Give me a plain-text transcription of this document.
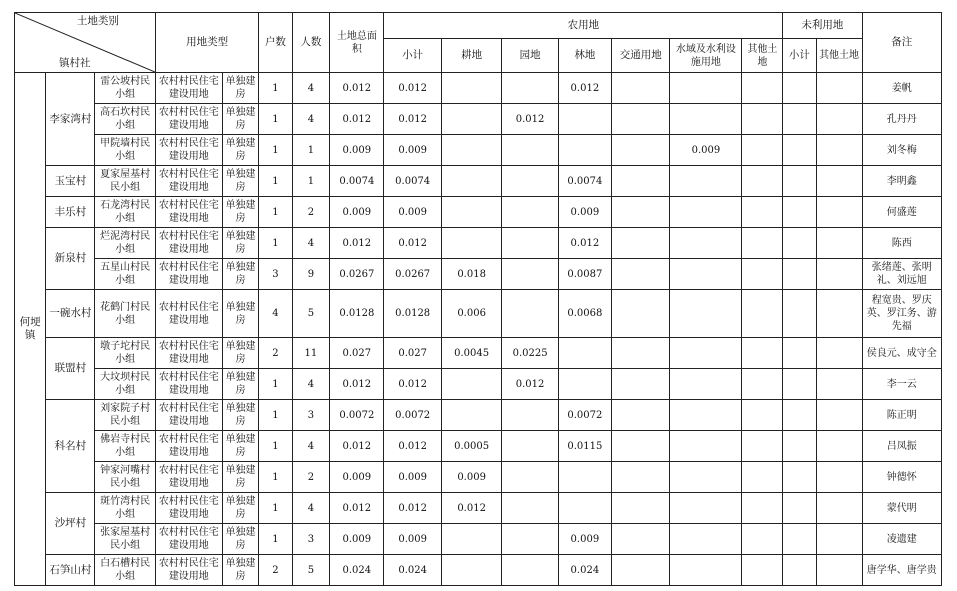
土地类别
镇村社			用地类型		户数	人数	土地总面积	农用地							未利用地		备注
								小计	耕地	园地	林地	交通用地	水域及水利设施用地	其他土地	小计	其他土地	
何埂镇	李家湾村	雷公坡村民小组	农村村民住宅建设用地	单独建房	1	4	0.012	0.012			0.012						姜帆
		高石坎村民小组	农村村民住宅建设用地	单独建房	1	4	0.012	0.012		0.012							孔丹丹
		甲院墙村民小组	农村村民住宅建设用地	单独建房	1	1	0.009	0.009					0.009				刘冬梅
	玉宝村	夏家屋基村民小组	农村村民住宅建设用地	单独建房	1	1	0.0074	0.0074			0.0074						李明鑫
	丰乐村	石龙湾村民小组	农村村民住宅建设用地	单独建房	1	2	0.009	0.009			0.009						何盛莲
	新泉村	烂泥湾村民小组	农村村民住宅建设用地	单独建房	1	4	0.012	0.012			0.012						陈西
		五星山村民小组	农村村民住宅建设用地	单独建房	3	9	0.0267	0.0267	0.018		0.0087						张绪莲、张明礼、刘远旭
	一碗水村	花鹤门村民小组	农村村民住宅建设用地	单独建房	4	5	0.0128	0.0128	0.006		0.0068						程宽贵、罗庆英、罗江务、游先福
	联盟村	墩子坨村民小组	农村村民住宅建设用地	单独建房	2	11	0.027	0.027	0.0045	0.0225							侯良元、成守全
		大坟坝村民小组	农村村民住宅建设用地	单独建房	1	4	0.012	0.012		0.012							李一云
	科名村	刘家院子村民小组	农村村民住宅建设用地	单独建房	1	3	0.0072	0.0072			0.0072						陈正明
		佛岩寺村民小组	农村村民住宅建设用地	单独建房	1	4	0.012	0.012	0.0005		0.0115						吕凤振
		钟家河嘴村民小组	农村村民住宅建设用地	单独建房	1	2	0.009	0.009	0.009								钟德怀
	沙坪村	斑竹湾村民小组	农村村民住宅建设用地	单独建房	1	4	0.012	0.012	0.012								蒙代明
		张家屋基村民小组	农村村民住宅建设用地	单独建房	1	3	0.009	0.009			0.009						凌遗建
	石笋山村	白石槽村民小组	农村村民住宅建设用地	单独建房	2	5	0.024	0.024			0.024						唐学华、唐学贵
